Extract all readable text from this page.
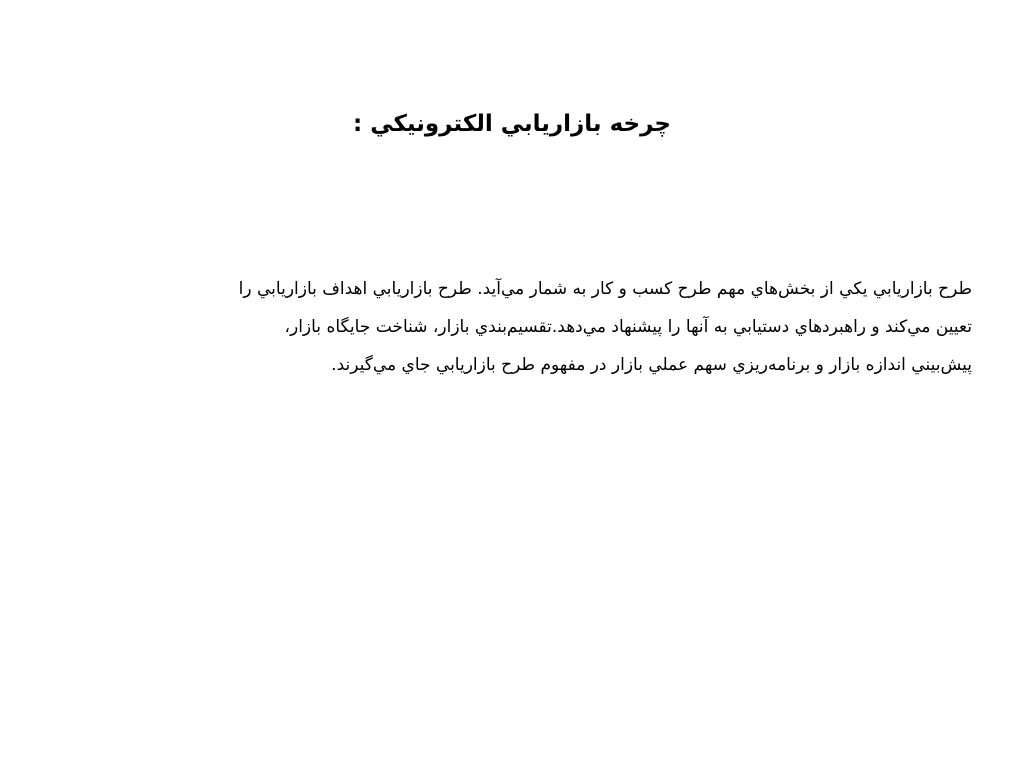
چرخه بازاريابي الكترونيكي :
طرح بازاريابي يكي از بخش‌هاي مهم طرح كسب و كار به شمار مي‌آيد. طرح بازاريابي اهداف بازاريابي را
تعيين مي‌كند و راهبردهاي دستيابي به آنها را پيشنهاد مي‌دهد.تقسيم‌بندي بازار، شناخت جايگاه بازار،
پيش‌بيني اندازه بازار و برنامه‌ريزي سهم عملي بازار در مفهوم طرح بازاريابي جاي مي‌گيرند.
